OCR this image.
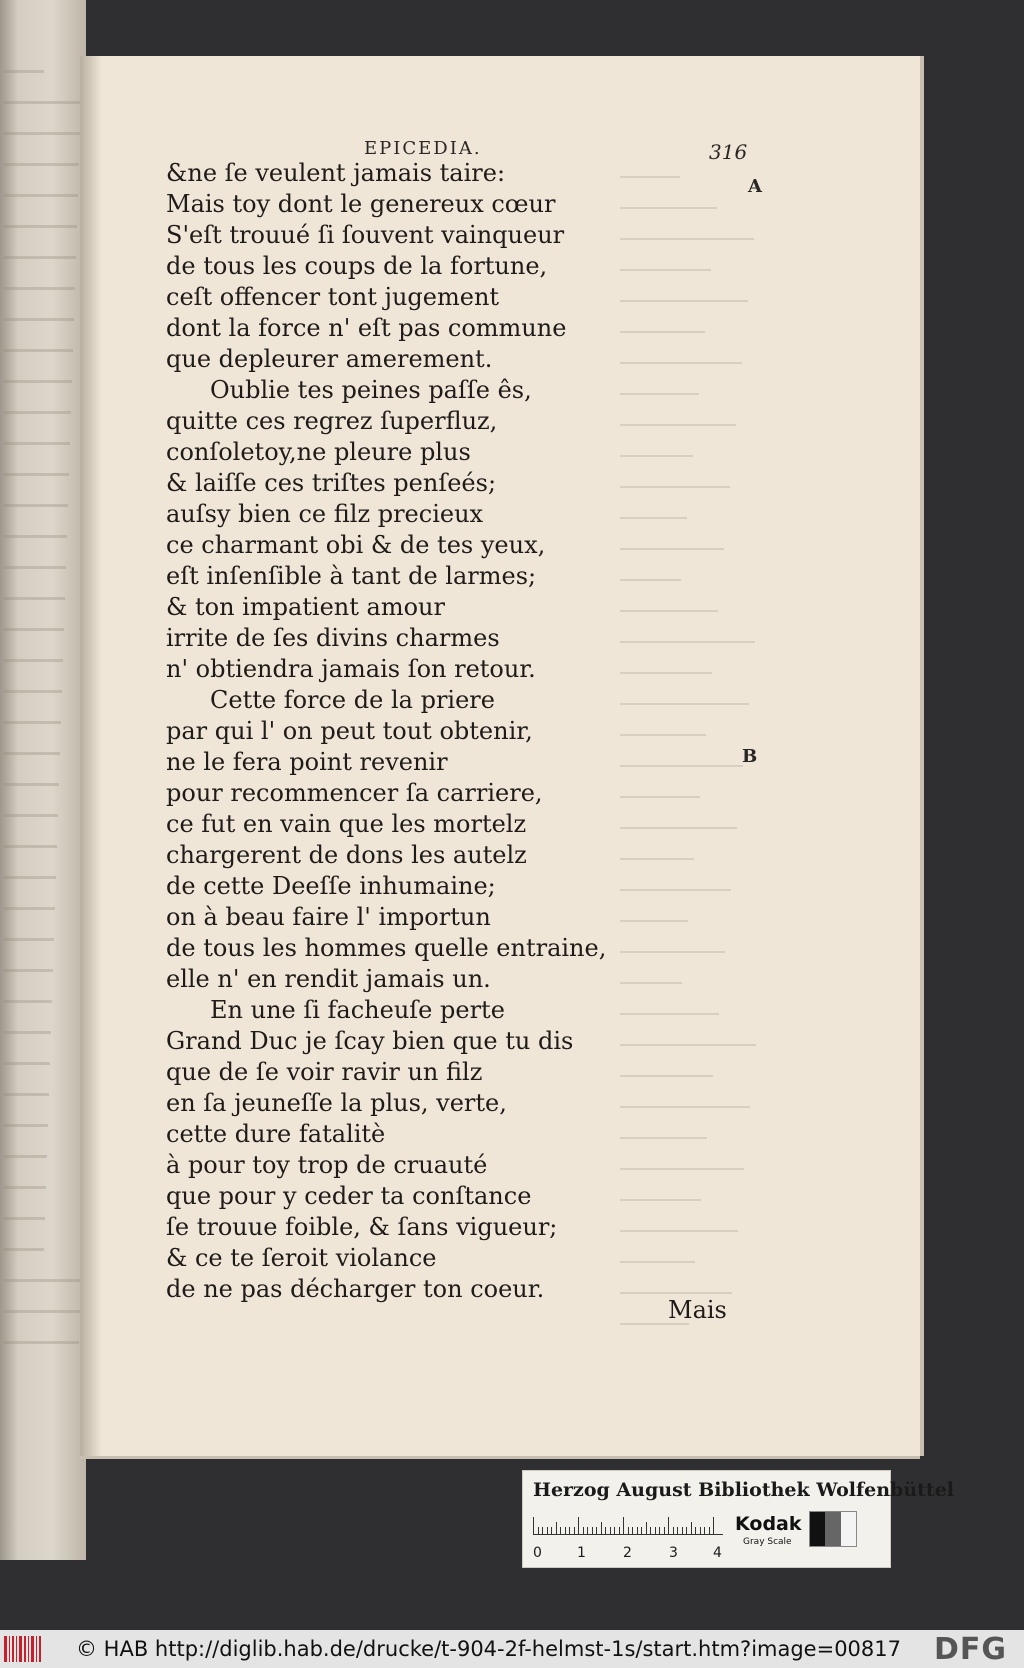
EPICEDIA.	316
A
B
&ne ſe veulent jamais taire:
Mais toy dont le genereux cœur
S'eſt trouué ſi ſouvent vainqueur
de tous les coups de la fortune,
ceſt offencer tont jugement
dont la force n' eſt pas commune
que depleurer amerement.
Oublie tes peines paſſe ês,
quitte ces regrez ſuperfluz,
conſoletoy,ne pleure plus
& laiſſe ces triſtes penſeés;
auſsy bien ce filz precieux
ce charmant obi & de tes yeux,
eſt inſenſible à tant de larmes;
& ton impatient amour
irrite de ſes divins charmes
n' obtiendra jamais ſon retour.
Cette force de la priere
par qui l' on peut tout obtenir,
ne le fera point revenir
pour recommencer ſa carriere,
ce fut en vain que les mortelz
chargerent de dons les autelz
de cette Deeſſe inhumaine;
on à beau faire l' importun
de tous les hommes quelle entraine,
elle n' en rendit jamais un.
En une ſi facheuſe perte
Grand Duc je ſcay bien que tu dis
que de ſe voir ravir un filz
en ſa jeuneſſe la plus, verte,
cette dure fatalitè
à pour toy trop de cruauté
que pour y ceder ta conſtance
ſe trouue foible, & ſans vigueur;
& ce te ſeroit violance
de ne pas décharger ton coeur.
Mais
Herzog August Bibliothek Wolfenbüttel
0	1	2	3	4
Kodak
Gray Scale
© HAB http://diglib.hab.de/drucke/t-904-2f-helmst-1s/start.htm?image=00817 DFG
